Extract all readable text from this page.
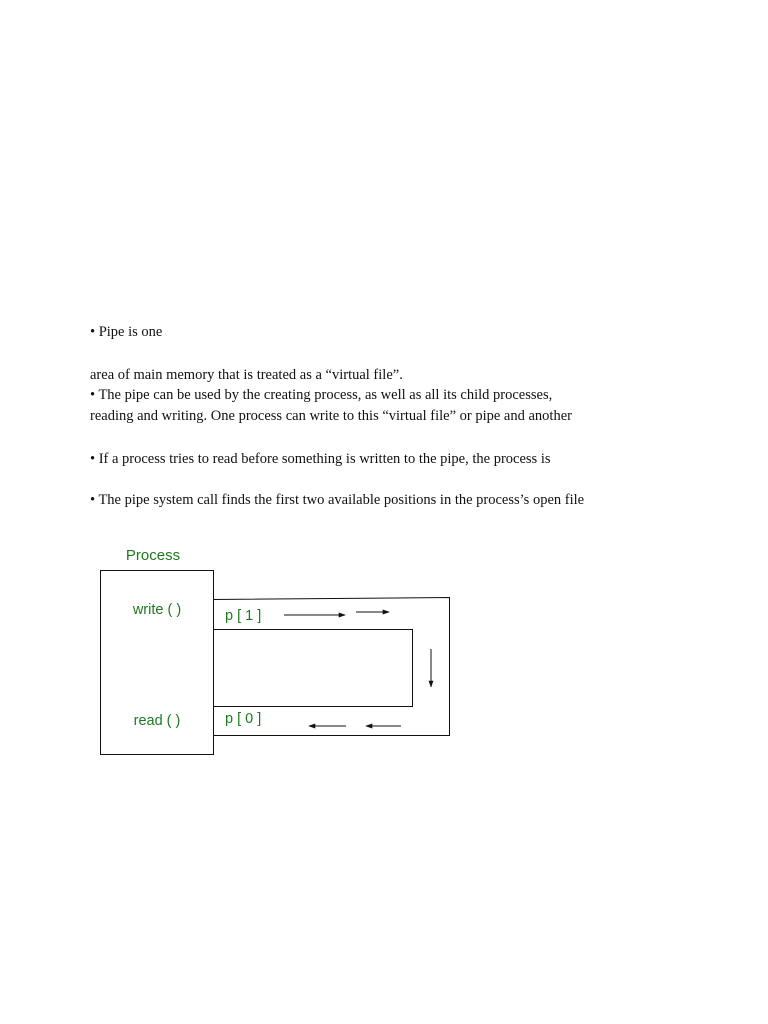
• Pipe is one

area of main memory that is treated as a “virtual file”.

• The pipe can be used by the creating process, as well as all its child processes,

reading and writing. One process can write to this “virtual file” or pipe and another

• If a process tries to read before something is written to the pipe, the process is

• The pipe system call finds the first two available positions in the process’s open file

Process
write ( )
read ( )
p [ 1 ]
p [ 0 ]
